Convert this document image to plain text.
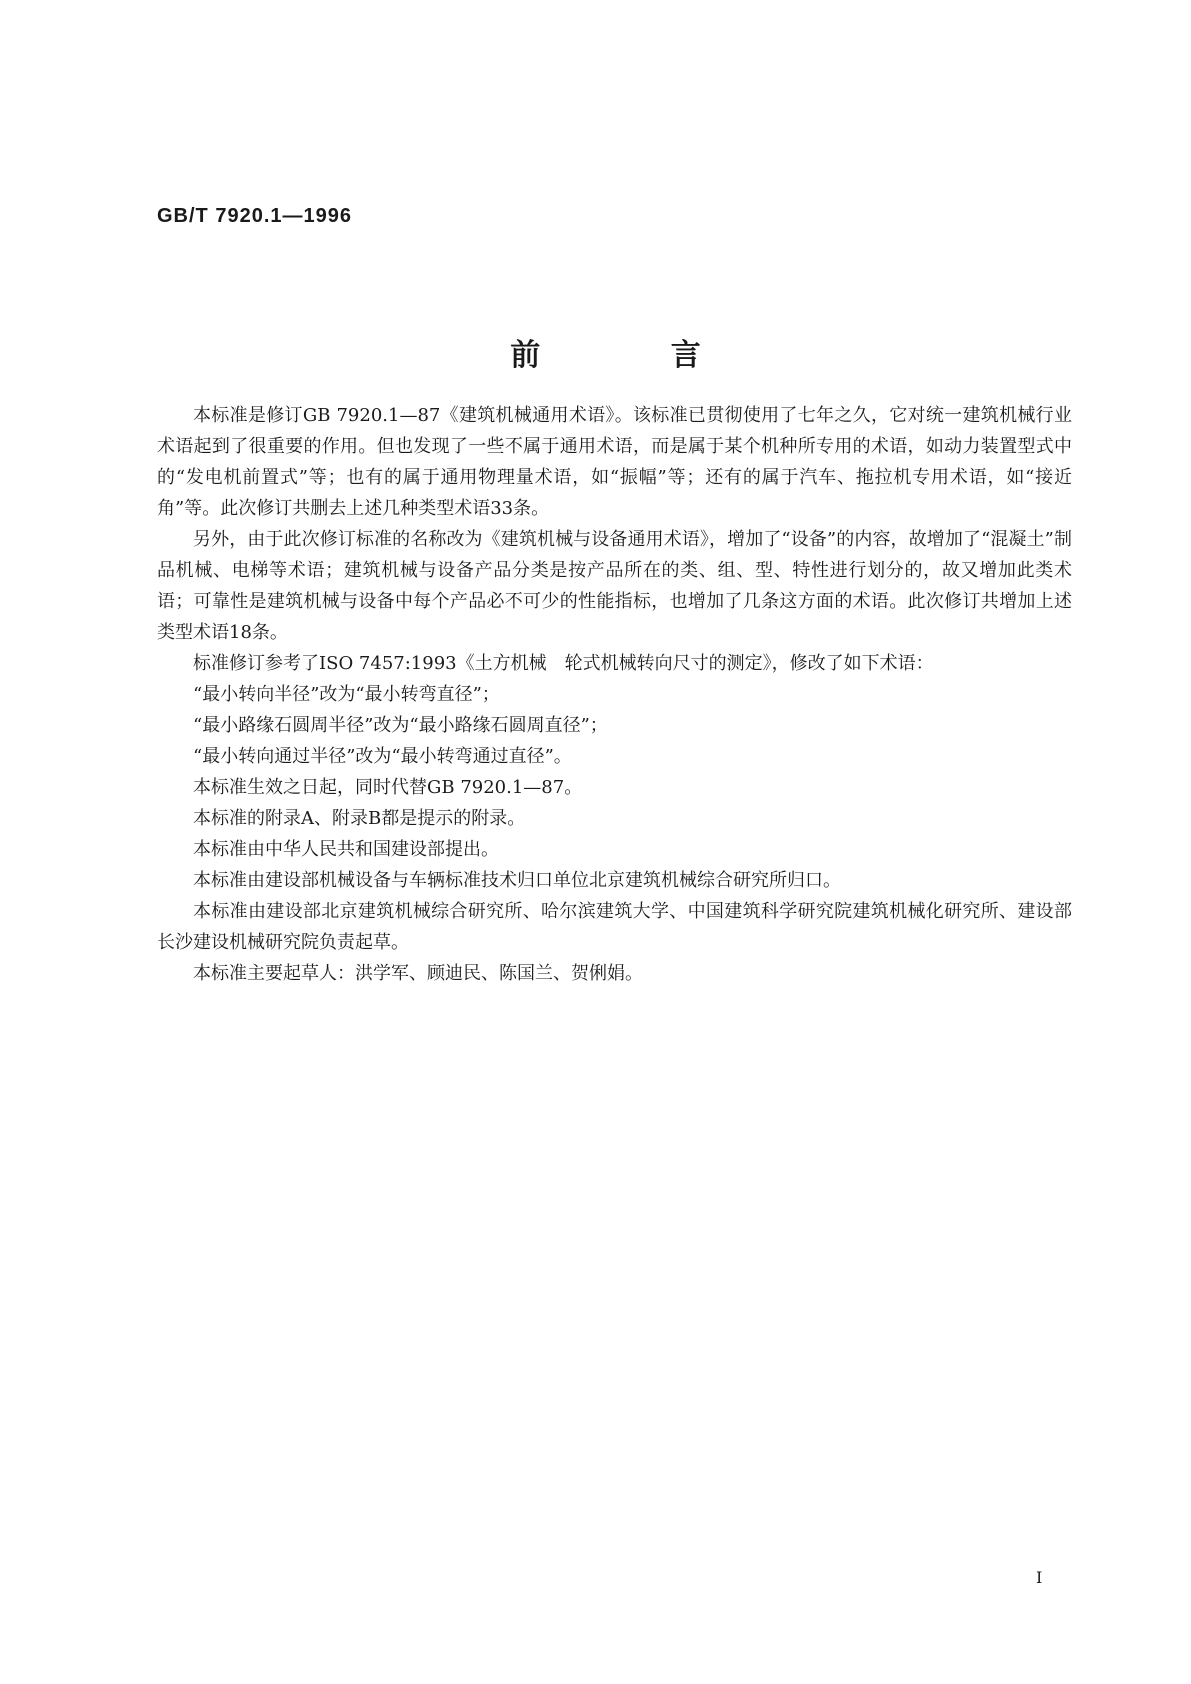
GB/T 7920.1—1996
前 言

本标准是修订GB 7920.1—87《建筑机械通用术语》。该标准已贯彻使用了七年之久，它对统一建筑机械行业术语起到了很重要的作用。但也发现了一些不属于通用术语，而是属于某个机种所专用的术语，如动力装置型式中的“发电机前置式”等；也有的属于通用物理量术语，如“振幅”等；还有的属于汽车、拖拉机专用术语，如“接近角”等。此次修订共删去上述几种类型术语33条。

另外，由于此次修订标准的名称改为《建筑机械与设备通用术语》，增加了“设备”的内容，故增加了“混凝土”制品机械、电梯等术语；建筑机械与设备产品分类是按产品所在的类、组、型、特性进行划分的，故又增加此类术语；可靠性是建筑机械与设备中每个产品必不可少的性能指标，也增加了几条这方面的术语。此次修订共增加上述类型术语18条。

标准修订参考了ISO 7457:1993《土方机械　轮式机械转向尺寸的测定》，修改了如下术语：

“最小转向半径”改为“最小转弯直径”；

“最小路缘石圆周半径”改为“最小路缘石圆周直径”；

“最小转向通过半径”改为“最小转弯通过直径”。

本标准生效之日起，同时代替GB 7920.1—87。

本标准的附录A、附录B都是提示的附录。

本标准由中华人民共和国建设部提出。

本标准由建设部机械设备与车辆标准技术归口单位北京建筑机械综合研究所归口。

本标准由建设部北京建筑机械综合研究所、哈尔滨建筑大学、中国建筑科学研究院建筑机械化研究所、建设部长沙建设机械研究院负责起草。

本标准主要起草人：洪学军、顾迪民、陈国兰、贺俐娟。

I
